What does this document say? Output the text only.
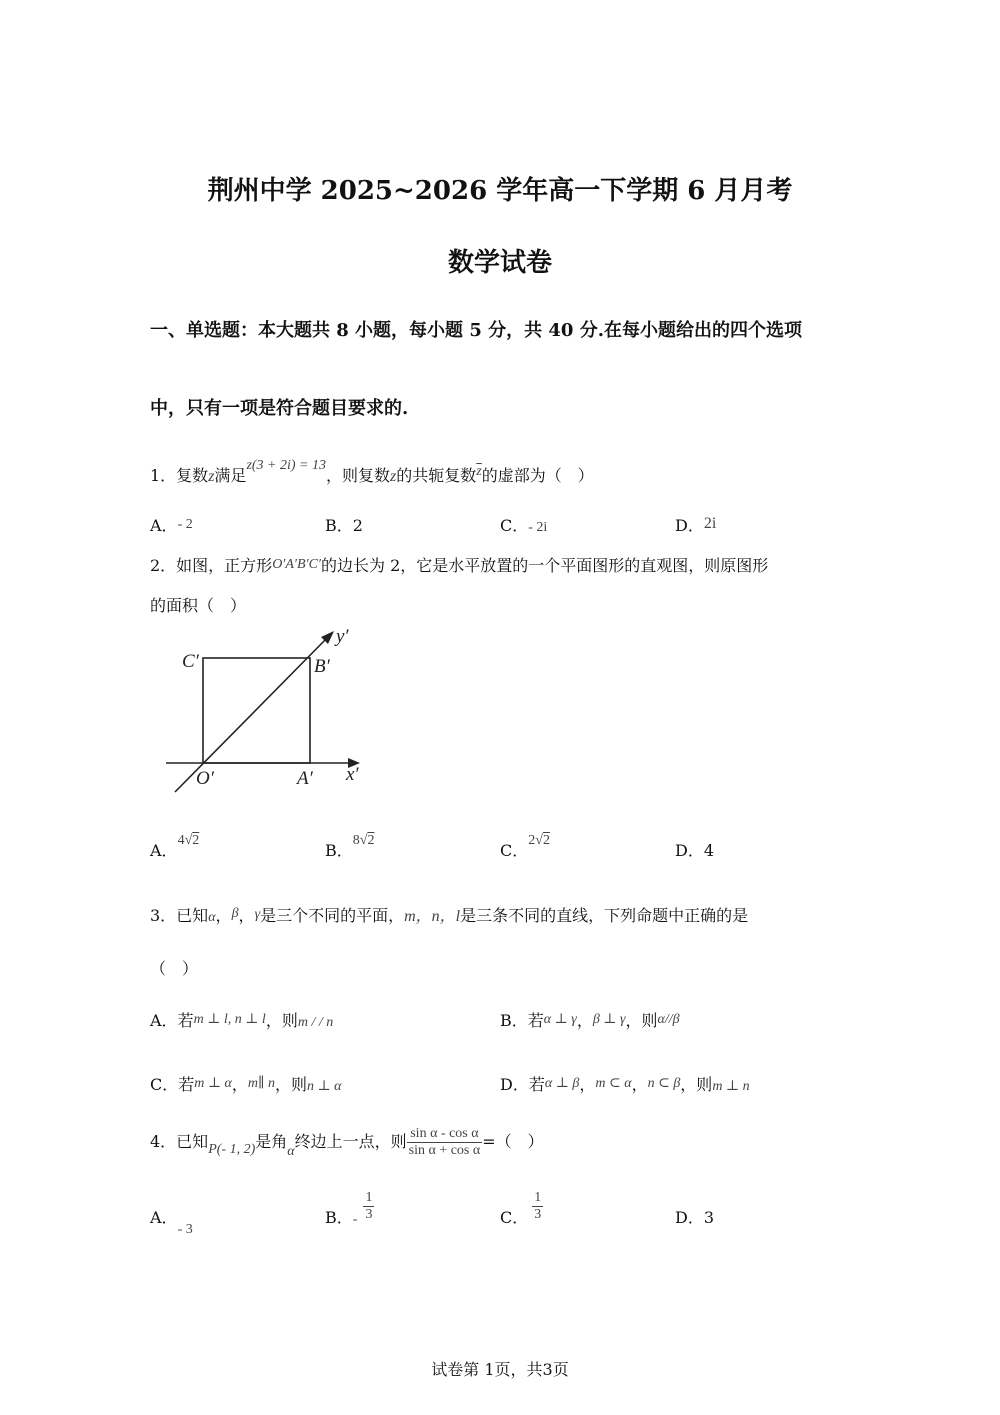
荆州中学 2025~2026 学年高一下学期 6 月月考
数学试卷
一、单选题：本大题共 8 小题，每小题 5 分，共 40 分.在每小题给出的四个选项
中，只有一项是符合题目要求的.
1．复数z满足z(3 + 2i) = 13，则复数z的共轭复数$\overline{z}$的虚部为（　）
A．- 2	B．2	C．- 2i	D．2i
2．如图，正方形O′A′B′C′的边长为 2，它是水平放置的一个平面图形的直观图，则原图形
的面积（　）
C′	B′
O′	A′ x′
y′
A．4√2
B．8√2
C．2√2
D．4
3．已知α，β，γ是三个不同的平面，m，n，l是三条不同的直线，下列命题中正确的是
（　）
A．若m ⊥ l, n ⊥ l，则m / / n	B．若α ⊥ γ，β ⊥ γ，则α//β
C．若m ⊥ α，m∥ n，则n ⊥ α	D．若α ⊥ β，m ⊂ α，n ⊂ β，则m ⊥ n
4．已知P(- 1, 2)是角α终边上一点，则 $\frac{\text{sin α - cos α}}{\text{sin α + cos α}}$ =（　）
A．- 3
B．- $\frac{1}{3}$	C． $\frac{1}{3}$	D．3
试卷第 1页，共3页
